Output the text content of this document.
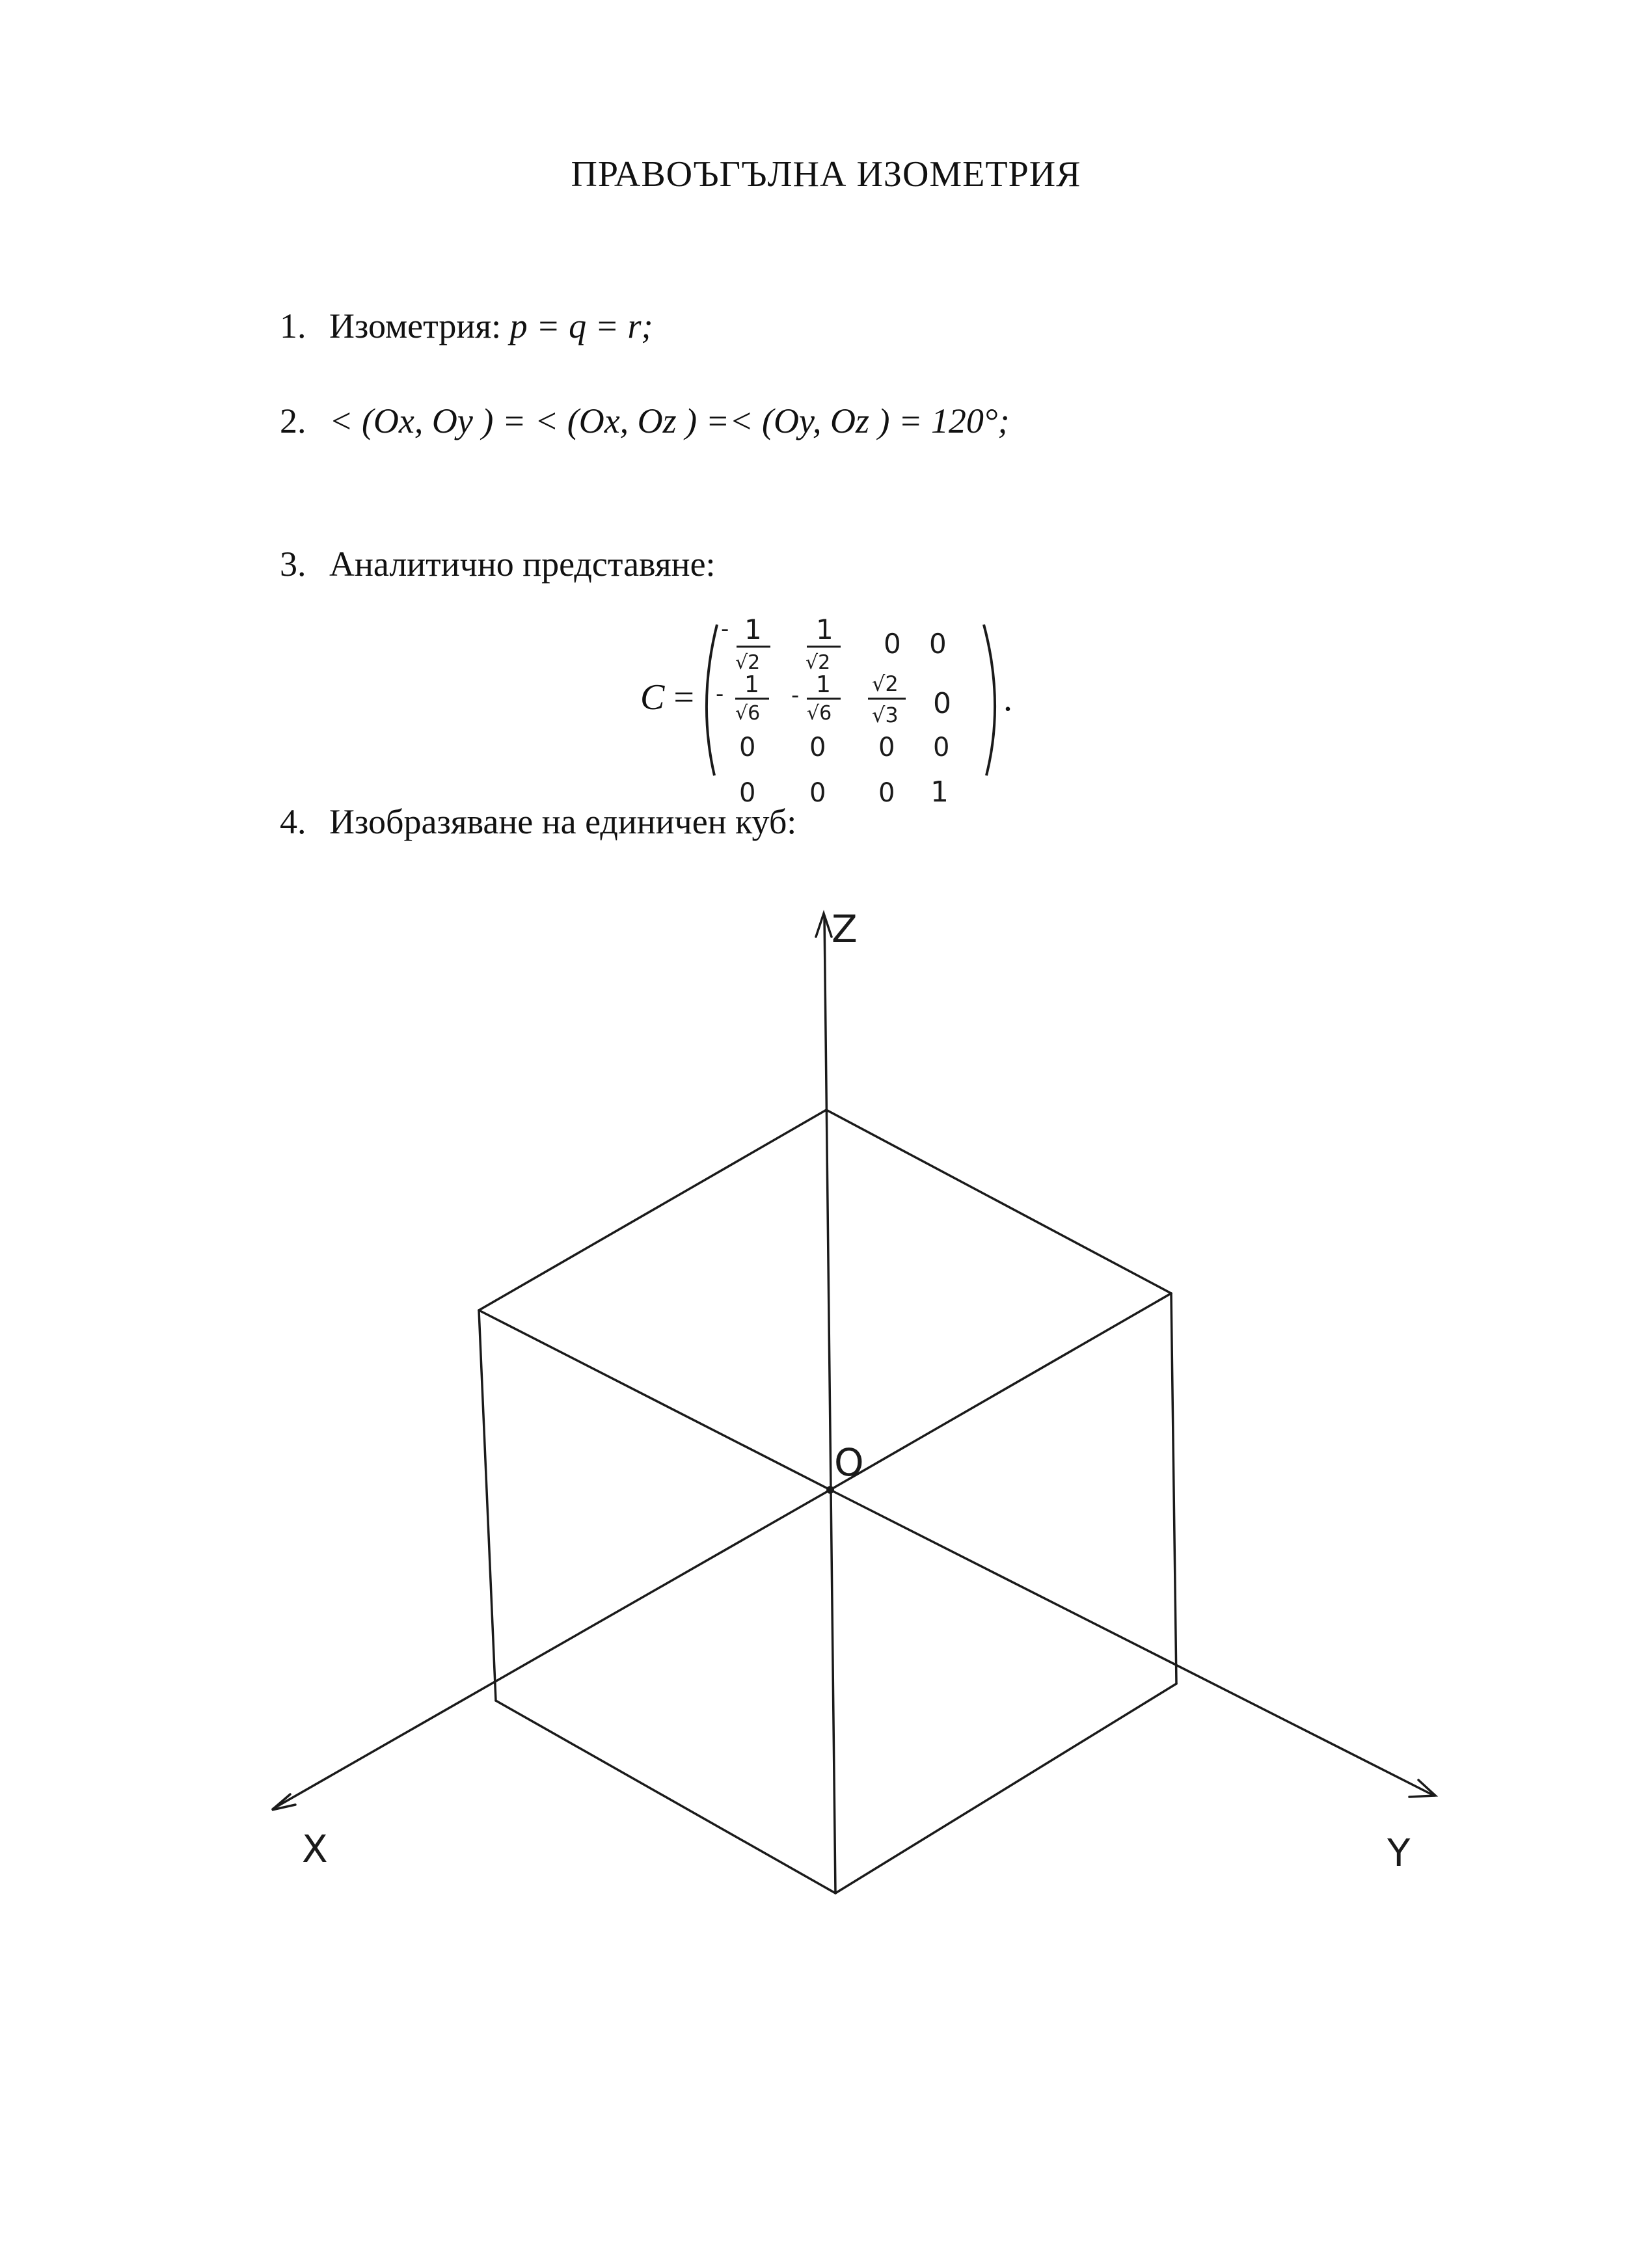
ПРАВОЪГЪЛНА ИЗОМЕТРИЯ
1. Изометрия: p = q = r;
2. < (Ox, Oy ) = < (Ox, Oz ) =< (Oy, Oz ) = 120°;
3. Аналитично представяне:
C =
- 1
√2
1
√2
0 0
- 1
√6
- 1
√6
√2
√3 0
0 0 0 0
0 0 0 1
.
4. Изобразяване на единичен куб:
Z
O
X	Y
